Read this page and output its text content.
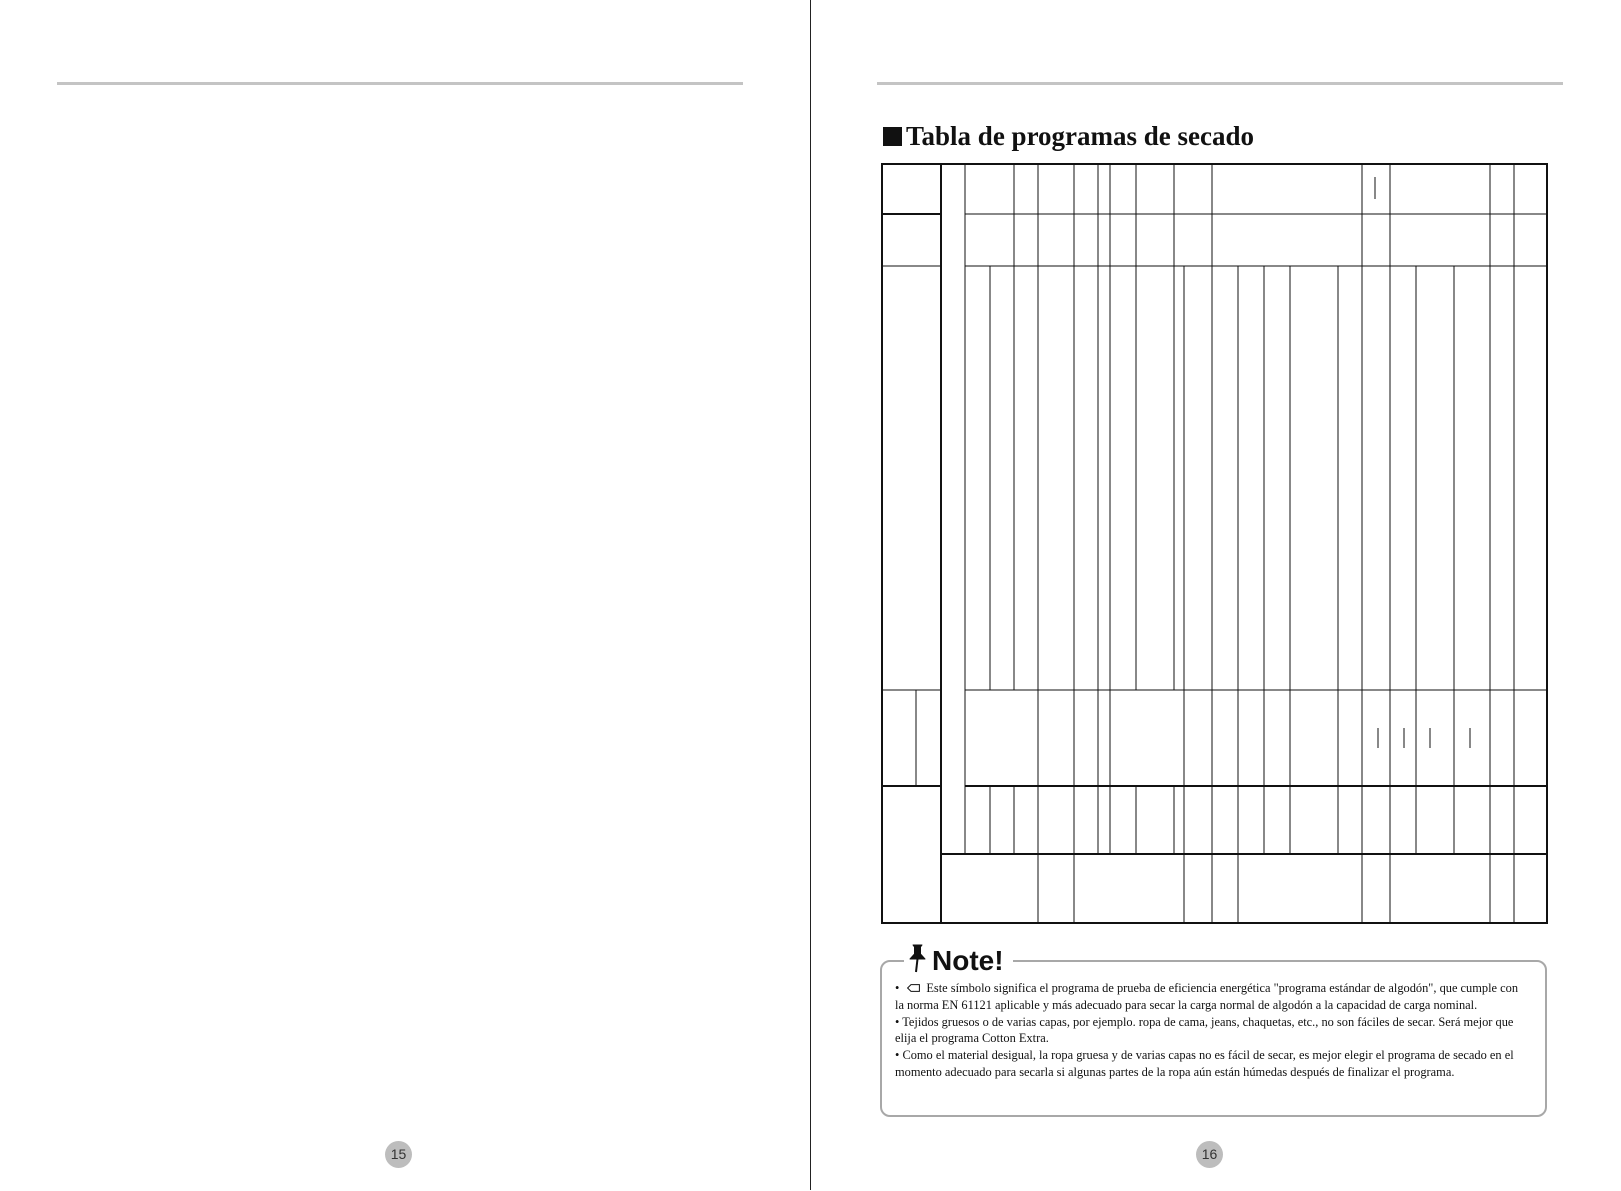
15
Tabla de programas de secado
Note!

• Este símbolo significa el programa de prueba de eficiencia energética "programa estándar de algodón", que cumple con la norma EN 61121 aplicable y más adecuado para secar la carga normal de algodón a la capacidad de carga nominal.

• Tejidos gruesos o de varias capas, por ejemplo. ropa de cama, jeans, chaquetas, etc., no son fáciles de secar. Será mejor que elija el programa Cotton Extra.

• Como el material desigual, la ropa gruesa y de varias capas no es fácil de secar, es mejor elegir el programa de secado en el momento adecuado para secarla si algunas partes de la ropa aún están húmedas después de finalizar el programa.

16
